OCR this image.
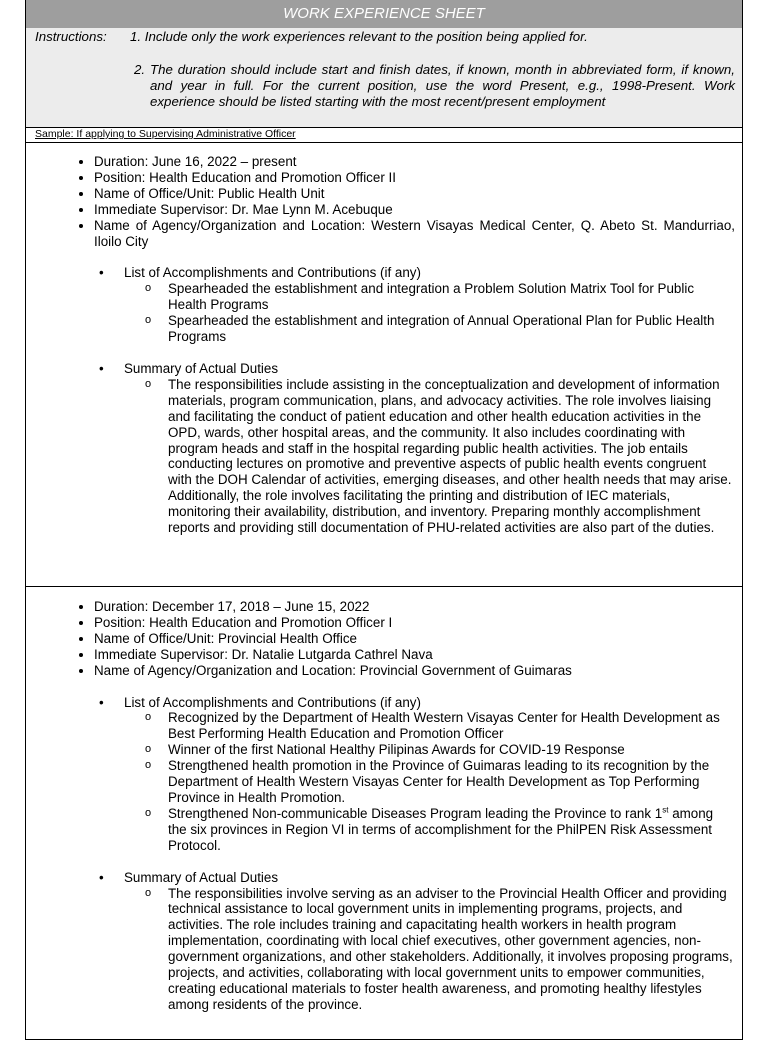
WORK EXPERIENCE SHEET
Instructions: 1. Include only the work experiences relevant to the position being applied for.
2. The duration should include start and finish dates, if known, month in abbreviated form, if known, and year in full. For the current position, use the word Present, e.g., 1998-Present. Work experience should be listed starting with the most recent/present employment
Sample: If applying to Supervising Administrative Officer
• Duration: June 16, 2022 – present
• Position: Health Education and Promotion Officer II
• Name of Office/Unit: Public Health Unit
• Immediate Supervisor: Dr. Mae Lynn M. Acebuque
• Name of Agency/Organization and Location: Western Visayas Medical Center, Q. Abeto St. Mandurriao, Iloilo City
• List of Accomplishments and Contributions (if any)
o Spearheaded the establishment and integration a Problem Solution Matrix Tool for Public Health Programs
o Spearheaded the establishment and integration of Annual Operational Plan for Public Health Programs
• Summary of Actual Duties
o The responsibilities include assisting in the conceptualization and development of information materials, program communication, plans, and advocacy activities. The role involves liaising and facilitating the conduct of patient education and other health education activities in the OPD, wards, other hospital areas, and the community. It also includes coordinating with program heads and staff in the hospital regarding public health activities. The job entails conducting lectures on promotive and preventive aspects of public health events congruent with the DOH Calendar of activities, emerging diseases, and other health needs that may arise. Additionally, the role involves facilitating the printing and distribution of IEC materials, monitoring their availability, distribution, and inventory. Preparing monthly accomplishment reports and providing still documentation of PHU-related activities are also part of the duties.
• Duration: December 17, 2018 – June 15, 2022
• Position: Health Education and Promotion Officer I
• Name of Office/Unit: Provincial Health Office
• Immediate Supervisor: Dr. Natalie Lutgarda Cathrel Nava
• Name of Agency/Organization and Location: Provincial Government of Guimaras
• List of Accomplishments and Contributions (if any)
o Recognized by the Department of Health Western Visayas Center for Health Development as Best Performing Health Education and Promotion Officer
o Winner of the first National Healthy Pilipinas Awards for COVID-19 Response
o Strengthened health promotion in the Province of Guimaras leading to its recognition by the Department of Health Western Visayas Center for Health Development as Top Performing Province in Health Promotion.
o Strengthened Non-communicable Diseases Program leading the Province to rank 1st among the six provinces in Region VI in terms of accomplishment for the PhilPEN Risk Assessment Protocol.
• Summary of Actual Duties
o The responsibilities involve serving as an adviser to the Provincial Health Officer and providing technical assistance to local government units in implementing programs, projects, and activities. The role includes training and capacitating health workers in health program implementation, coordinating with local chief executives, other government agencies, non-government organizations, and other stakeholders. Additionally, it involves proposing programs, projects, and activities, collaborating with local government units to empower communities, creating educational materials to foster health awareness, and promoting healthy lifestyles among residents of the province.
